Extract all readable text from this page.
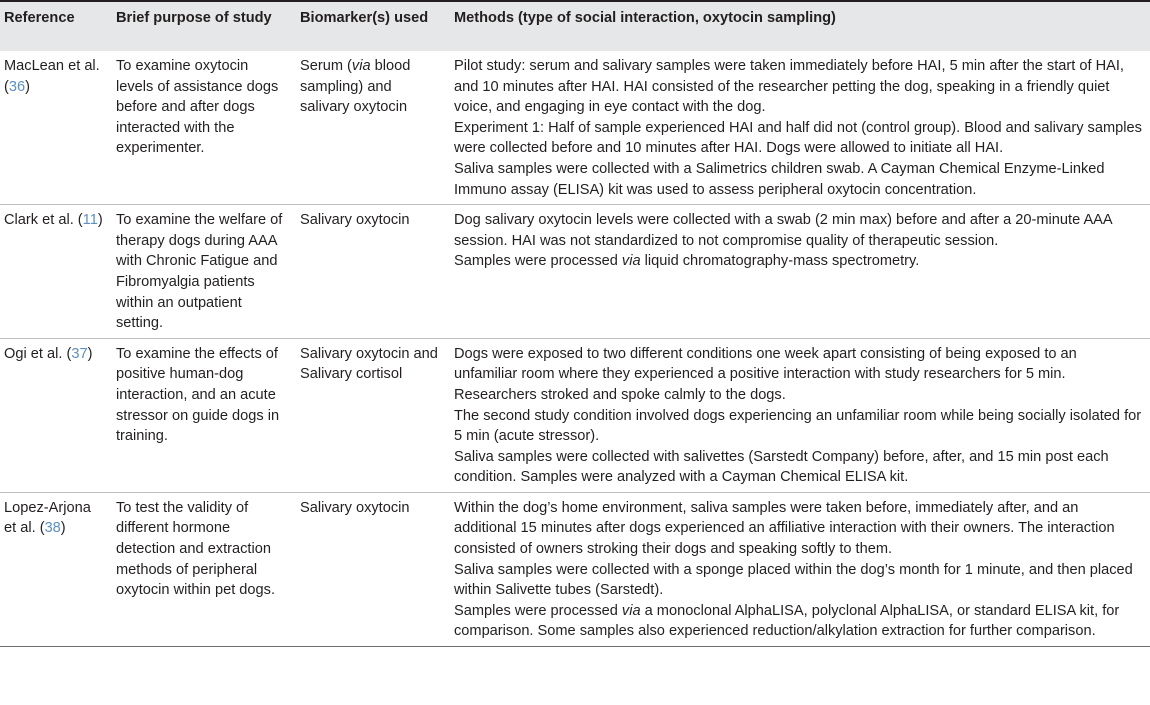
Reference	Brief purpose of study	Biomarker(s) used	Methods (type of social interaction, oxytocin sampling)
MacLean et al. (36)	To examine oxytocin levels of assistance dogs before and after dogs interacted with the experimenter.	Serum (via blood sampling) and salivary oxytocin	Pilot study: serum and salivary samples were taken immediately before HAI, 5 min after the start of HAI, and 10 minutes after HAI. HAI consisted of the researcher petting the dog, speaking in a friendly quiet voice, and engaging in eye contact with the dog.
Experiment 1: Half of sample experienced HAI and half did not (control group). Blood and salivary samples were collected before and 10 minutes after HAI. Dogs were allowed to initiate all HAI.
Saliva samples were collected with a Salimetrics children swab. A Cayman Chemical Enzyme-Linked Immuno assay (ELISA) kit was used to assess peripheral oxytocin concentration.

Clark et al. (11)	To examine the welfare of therapy dogs during AAA with Chronic Fatigue and Fibromyalgia patients within an outpatient setting.	Salivary oxytocin	Dog salivary oxytocin levels were collected with a swab (2 min max) before and after a 20-minute AAA session. HAI was not standardized to not compromise quality of therapeutic session.
Samples were processed via liquid chromatography-mass spectrometry.

Ogi et al. (37)	To examine the effects of positive human-dog interaction, and an acute stressor on guide dogs in training.	Salivary oxytocin and Salivary cortisol	Dogs were exposed to two different conditions one week apart consisting of being exposed to an unfamiliar room where they experienced a positive interaction with study researchers for 5 min. Researchers stroked and spoke calmly to the dogs.
The second study condition involved dogs experiencing an unfamiliar room while being socially isolated for 5 min (acute stressor).
Saliva samples were collected with salivettes (Sarstedt Company) before, after, and 15 min post each condition. Samples were analyzed with a Cayman Chemical ELISA kit.

Lopez-Arjona et al. (38)	To test the validity of different hormone detection and extraction methods of peripheral oxytocin within pet dogs.	Salivary oxytocin	Within the dog’s home environment, saliva samples were taken before, immediately after, and an additional 15 minutes after dogs experienced an affiliative interaction with their owners. The interaction consisted of owners stroking their dogs and speaking softly to them.
Saliva samples were collected with a sponge placed within the dog’s month for 1 minute, and then placed within Salivette tubes (Sarstedt).
Samples were processed via a monoclonal AlphaLISA, polyclonal AlphaLISA, or standard ELISA kit, for comparison. Some samples also experienced reduction/alkylation extraction for further comparison.
